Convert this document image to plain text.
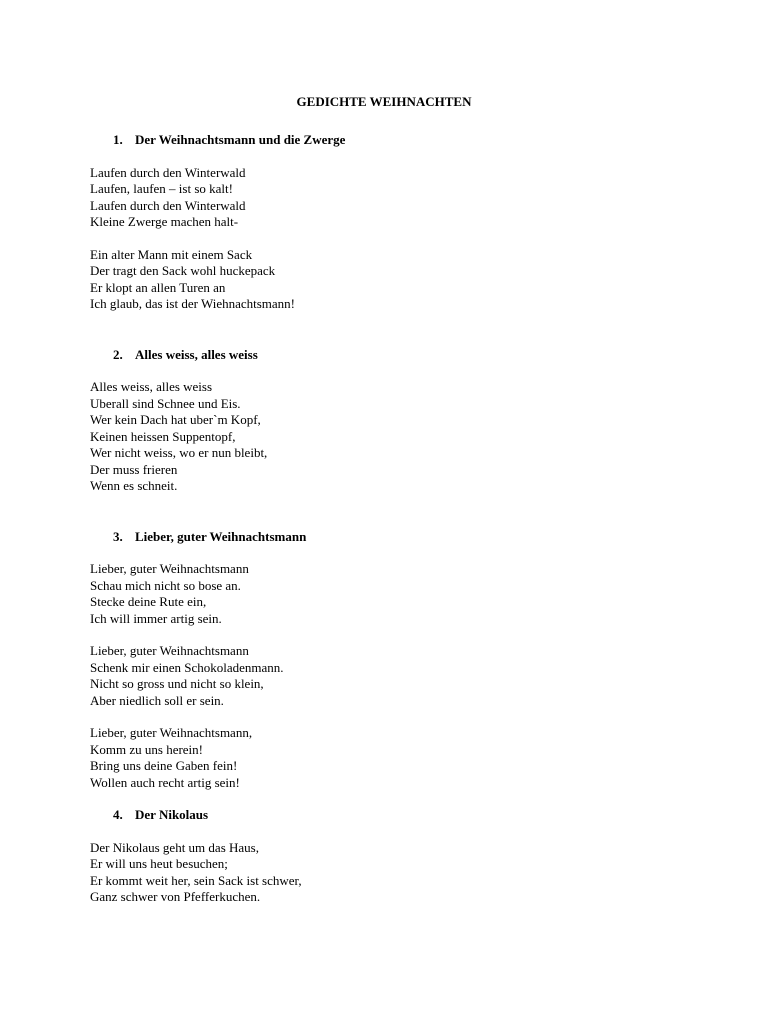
GEDICHTE WEIHNACHTEN
1. Der Weihnachtsmann und die Zwerge

Laufen durch den Winterwald
Laufen, laufen – ist so kalt!
Laufen durch den Winterwald
Kleine Zwerge machen halt-

Ein alter Mann mit einem Sack
Der tragt den Sack wohl huckepack
Er klopt an allen Turen an
Ich glaub, das ist der Wiehnachtsmann!

2. Alles weiss, alles weiss

Alles weiss, alles weiss
Uberall sind Schnee und Eis.
Wer kein Dach hat uber`m Kopf,
Keinen heissen Suppentopf,
Wer nicht weiss, wo er nun bleibt,
Der muss frieren
Wenn es schneit.

3. Lieber, guter Weihnachtsmann

Lieber, guter Weihnachtsmann
Schau mich nicht so bose an.
Stecke deine Rute ein,
Ich will immer artig sein.

Lieber, guter Weihnachtsmann
Schenk mir einen Schokoladenmann.
Nicht so gross und nicht so klein,
Aber niedlich soll er sein.

Lieber, guter Weihnachtsmann,
Komm zu uns herein!
Bring uns deine Gaben fein!
Wollen auch recht artig sein!

4. Der Nikolaus

Der Nikolaus geht um das Haus,
Er will uns heut besuchen;
Er kommt weit her, sein Sack ist schwer,
Ganz schwer von Pfefferkuchen.
